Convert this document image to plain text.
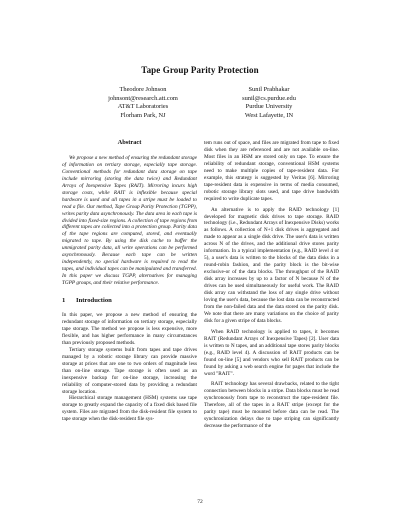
Tape Group Parity Protection
Theodore Johnson
johnsont@research.att.com
AT&T Laboratories
Florham Park, NJ
Sunil Prabhakar
sunil@cs.purdue.edu
Purdue University
West Lafayette, IN
Abstract

We propose a new method of ensuring the redundant storage of information on tertiary storage, especially tape storage. Conventional methods for redundant data storage on tape include mirroring (storing the data twice) and Redundant Arrays of Inexpensive Tapes (RAIT). Mirroring incurs high storage costs, while RAIT is inflexible because special hardware is used and all tapes in a stripe must be loaded to read a file. Our method, Tape Group Parity Protection (TGPP), writes parity data asynchronously. The data area in each tape is divided into fixed-size regions. A collection of tape regions from different tapes are collected into a protection group. Parity data of the tape regions are computed, stored, and eventually migrated to tape. By using the disk cache to buffer the unmigrated parity data, all write operations can be performed asynchronously. Because each tape can be written independently, no special hardware is required to read the tapes, and individual tapes can be manipulated and transferred. In this paper we discuss TGPP, alternatives for managing TGPP groups, and their relative performance.

1 Introduction

In this paper, we propose a new method of ensuring the redundant storage of information on tertiary storage, especially tape storage. The method we propose is less expensive, more flexible, and has higher performance in many circumstances than previously proposed methods.

Tertiary storage systems built from tapes and tape drives managed by a robotic storage library can provide massive storage at prices that are one to two orders of magnitude less than on-line storage. Tape storage is often used as an inexpensive backup for on-line storage, increasing the reliability of computer-stored data by providing a redundant storage location.

Hierarchical storage management (HSM) systems use tape storage to greatly expand the capacity of a fixed disk based file system. Files are migrated from the disk-resident file system to tape storage when the disk-resident file sys-

tem runs out of space, and files are migrated from tape to fixed disk when they are referenced and are not available on-line. Most files in an HSM are stored only on tape. To ensure the reliability of redundant storage, conventional HSM systems need to make multiple copies of tape-resident data. For example, this strategy is suggested by Veritas [6]. Mirroring tape-resident data is expensive in terms of media consumed, robotic storage library slots used, and tape drive bandwidth required to write duplicate tapes.

An alternative is to apply the RAID technology [1] developed for magnetic disk drives to tape storage. RAID technology (i.e., Redundant Arrays of Inexpensive Disks) works as follows. A collection of N+1 disk drives is aggregated and made to appear as a single disk drive. The user's data is written across N of the drives, and the additional drive stores parity information. In a typical implementation (e.g., RAID level 4 or 5), a user's data is written to the blocks of the data disks in a round-robin fashion, and the parity block is the bit-wise exclusive-or of the data blocks. The throughput of the RAID disk array increases by up to a factor of N because N of the drives can be used simultaneously for useful work. The RAID disk array can withstand the loss of any single drive without loving the user's data, because the lost data can be reconstructed from the non-failed data and the data stored on the parity disk. We note that there are many variations on the choice of parity disk for a given stripe of data blocks.

When RAID technology is applied to tapes, it becomes RAIT (Redundant Arrays of Inexpensive Tapes) [2]. User data is written to N tapes, and an additional tape stores parity blocks (e.g., RAID level 4). A discussion of RAIT products can be found on-line [5] and vendors who sell RAIT products can be found by asking a web search engine for pages that include the word "RAIT".

RAIT technology has several drawbacks, related to the tight connection between blocks in a stripe. Data blocks must be read synchronously from tape to reconstruct the tape-resident file. Therefore, all of the tapes in a RAIT stripe (except for the parity tape) must be mounted before data can be read. The synchronization delays due to tape striping can significantly decrease the performance of the

72
